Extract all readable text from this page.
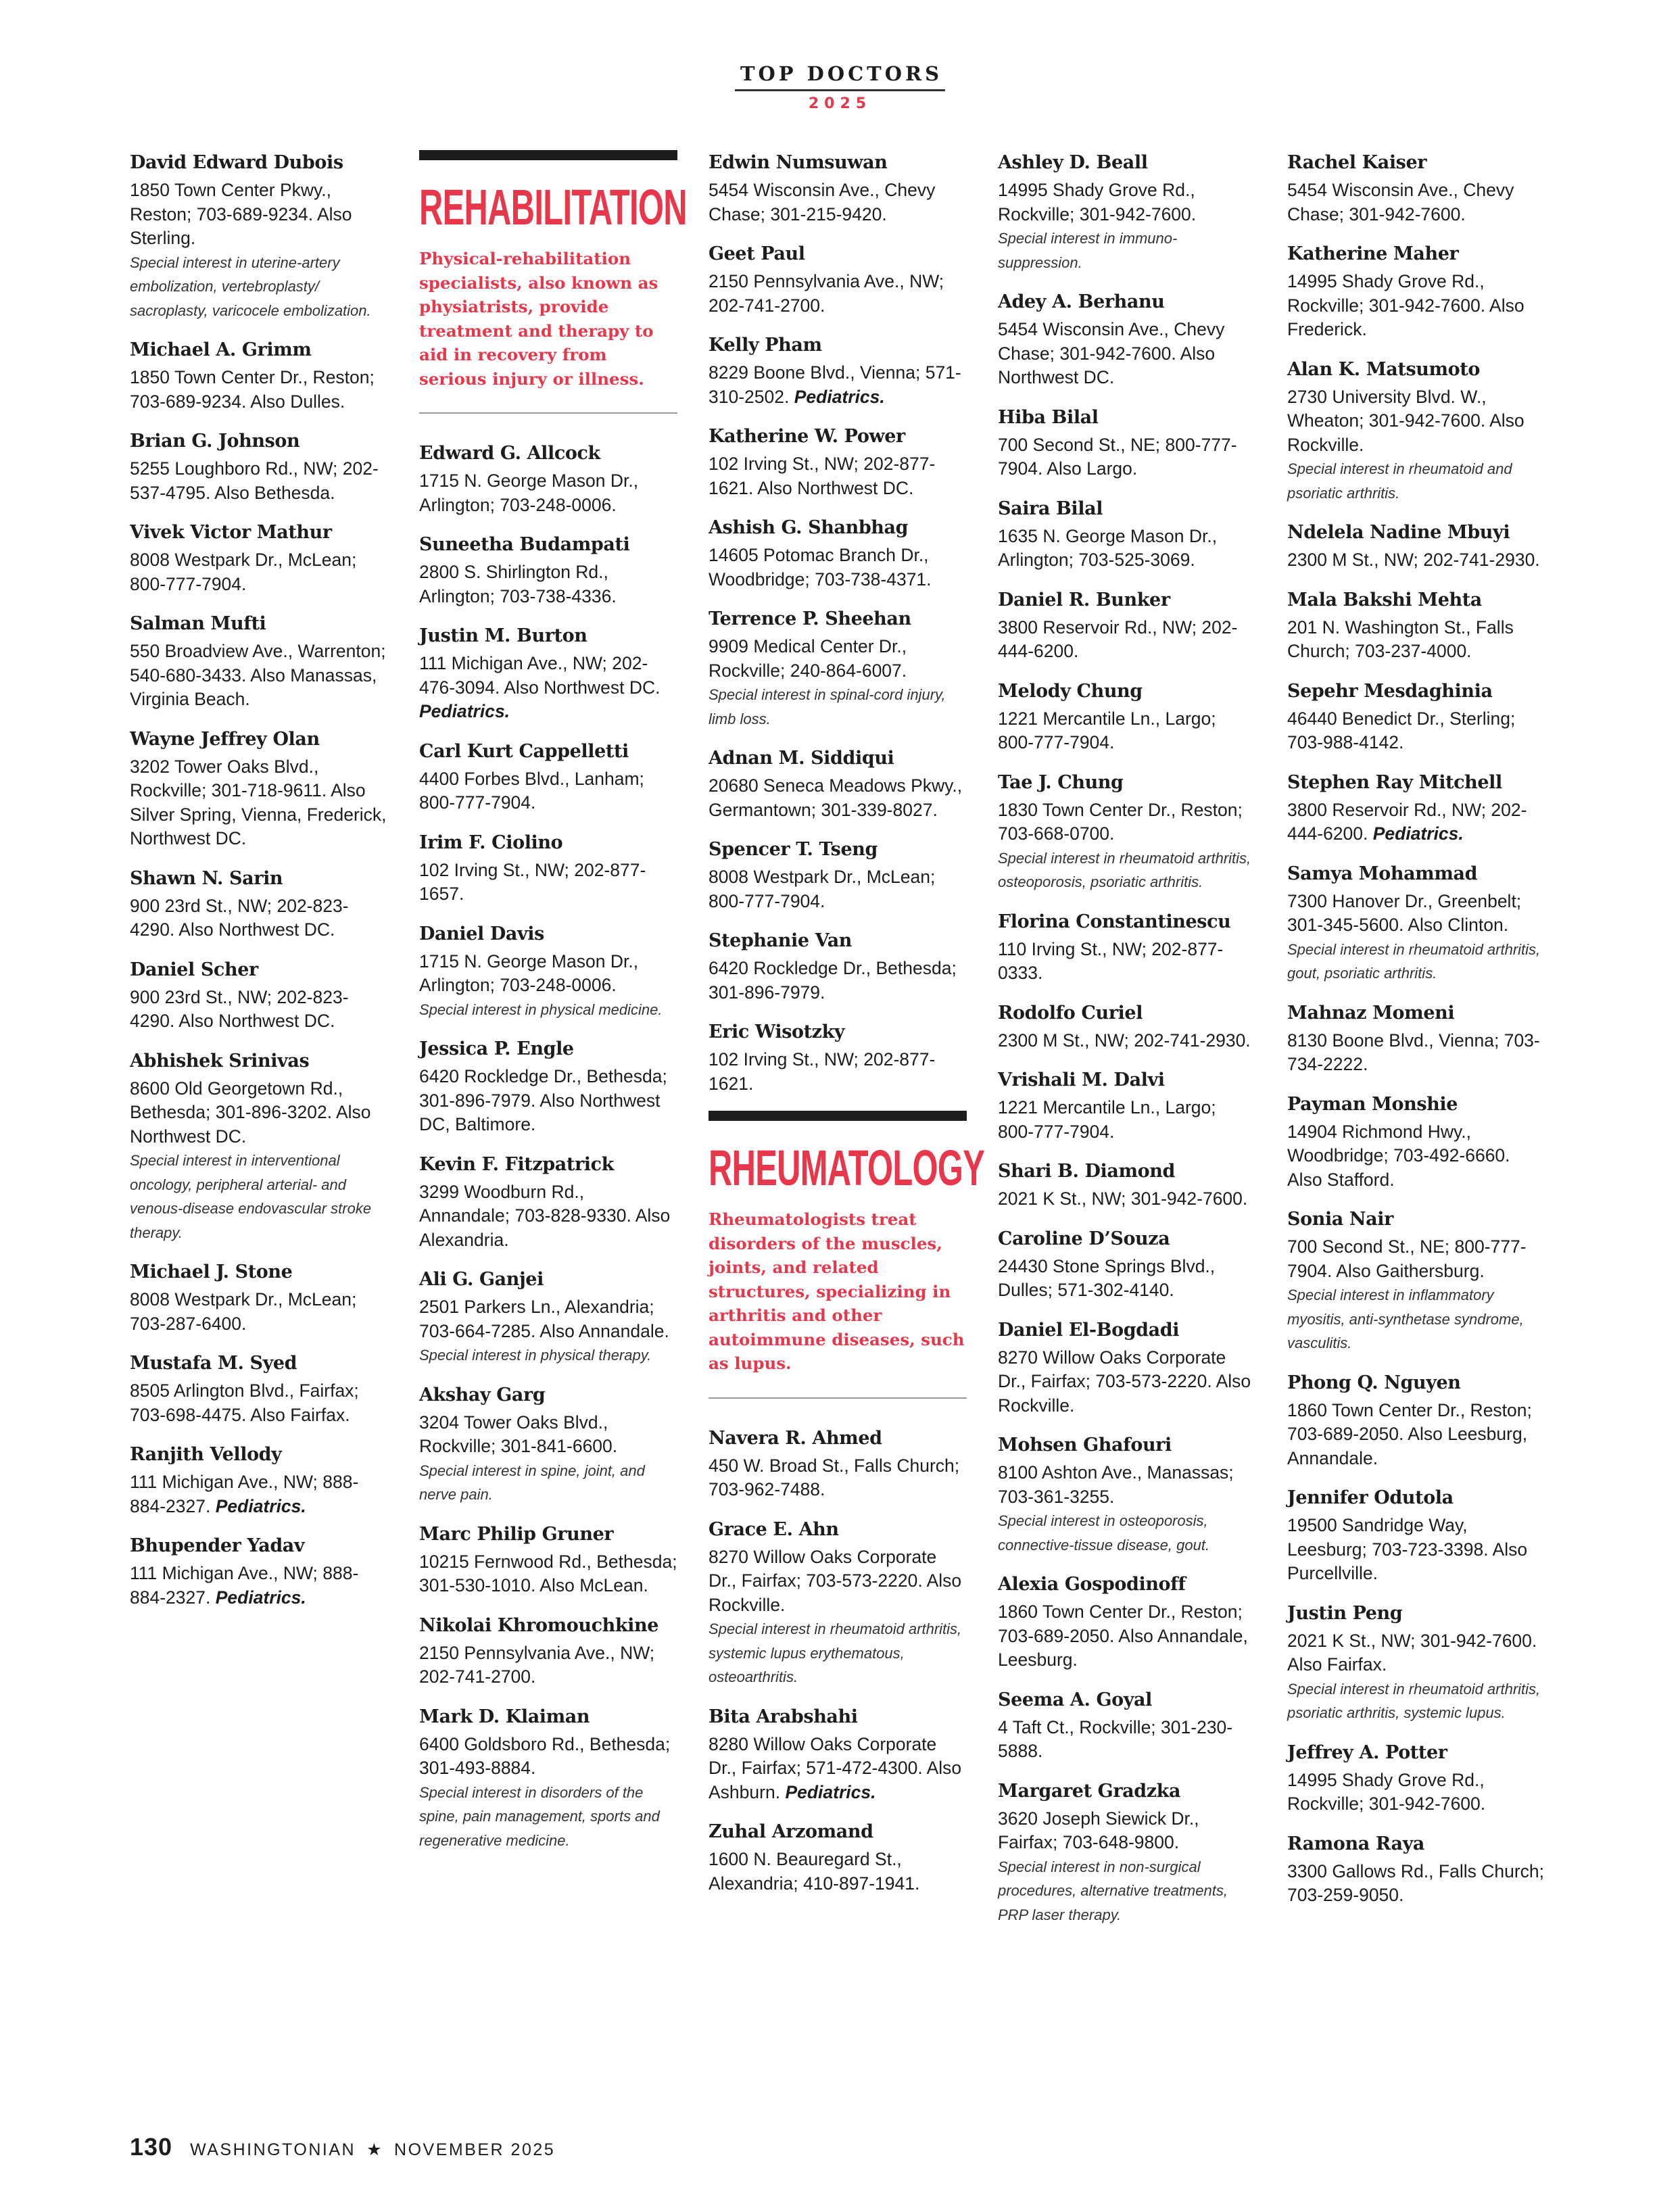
TOP DOCTORS
2025
David Edward Dubois
1850 Town Center Pkwy., Reston; 703-689-9234. Also Sterling.
Special interest in uterine-artery embolization, vertebroplasty/ sacroplasty, varicocele embolization.
Michael A. Grimm
1850 Town Center Dr., Reston; 703-689-9234. Also Dulles.
Brian G. Johnson
5255 Loughboro Rd., NW; 202-537-4795. Also Bethesda.
Vivek Victor Mathur
8008 Westpark Dr., McLean; 800-777-7904.
Salman Mufti
550 Broadview Ave., Warrenton; 540-680-3433. Also Manassas, Virginia Beach.
Wayne Jeffrey Olan
3202 Tower Oaks Blvd., Rockville; 301-718-9611. Also Silver Spring, Vienna, Frederick, Northwest DC.
Shawn N. Sarin
900 23rd St., NW; 202-823-4290. Also Northwest DC.
Daniel Scher
900 23rd St., NW; 202-823-4290. Also Northwest DC.
Abhishek Srinivas
8600 Old Georgetown Rd., Bethesda; 301-896-3202. Also Northwest DC.
Special interest in interventional oncology, peripheral arterial- and venous-disease endovascular stroke therapy.
Michael J. Stone
8008 Westpark Dr., McLean; 703-287-6400.
Mustafa M. Syed
8505 Arlington Blvd., Fairfax; 703-698-4475. Also Fairfax.
Ranjith Vellody
111 Michigan Ave., NW; 888-884-2327. Pediatrics.
Bhupender Yadav
111 Michigan Ave., NW; 888-884-2327. Pediatrics.
REHABILITATION
Physical-rehabilitation specialists, also known as physiatrists, provide treatment and therapy to aid in recovery from serious injury or illness.
Edward G. Allcock
1715 N. George Mason Dr., Arlington; 703-248-0006.
Suneetha Budampati
2800 S. Shirlington Rd., Arlington; 703-738-4336.
Justin M. Burton
111 Michigan Ave., NW; 202-476-3094. Also Northwest DC. Pediatrics.
Carl Kurt Cappelletti
4400 Forbes Blvd., Lanham; 800-777-7904.
Irim F. Ciolino
102 Irving St., NW; 202-877-1657.
Daniel Davis
1715 N. George Mason Dr., Arlington; 703-248-0006.
Special interest in physical medicine.
Jessica P. Engle
6420 Rockledge Dr., Bethesda; 301-896-7979. Also Northwest DC, Baltimore.
Kevin F. Fitzpatrick
3299 Woodburn Rd., Annandale; 703-828-9330. Also Alexandria.
Ali G. Ganjei
2501 Parkers Ln., Alexandria; 703-664-7285. Also Annandale.
Special interest in physical therapy.
Akshay Garg
3204 Tower Oaks Blvd., Rockville; 301-841-6600.
Special interest in spine, joint, and nerve pain.
Marc Philip Gruner
10215 Fernwood Rd., Bethesda; 301-530-1010. Also McLean.
Nikolai Khromouchkine
2150 Pennsylvania Ave., NW; 202-741-2700.
Mark D. Klaiman
6400 Goldsboro Rd., Bethesda; 301-493-8884.
Special interest in disorders of the spine, pain management, sports and regenerative medicine.
Edwin Numsuwan
5454 Wisconsin Ave., Chevy Chase; 301-215-9420.
Geet Paul
2150 Pennsylvania Ave., NW; 202-741-2700.
Kelly Pham
8229 Boone Blvd., Vienna; 571-310-2502. Pediatrics.
Katherine W. Power
102 Irving St., NW; 202-877-1621. Also Northwest DC.
Ashish G. Shanbhag
14605 Potomac Branch Dr., Woodbridge; 703-738-4371.
Terrence P. Sheehan
9909 Medical Center Dr., Rockville; 240-864-6007.
Special interest in spinal-cord injury, limb loss.
Adnan M. Siddiqui
20680 Seneca Meadows Pkwy., Germantown; 301-339-8027.
Spencer T. Tseng
8008 Westpark Dr., McLean; 800-777-7904.
Stephanie Van
6420 Rockledge Dr., Bethesda; 301-896-7979.
Eric Wisotzky
102 Irving St., NW; 202-877-1621.
RHEUMATOLOGY
Rheumatologists treat disorders of the muscles, joints, and related structures, specializing in arthritis and other autoimmune diseases, such as lupus.
Navera R. Ahmed
450 W. Broad St., Falls Church; 703-962-7488.
Grace E. Ahn
8270 Willow Oaks Corporate Dr., Fairfax; 703-573-2220. Also Rockville.
Special interest in rheumatoid arthritis, systemic lupus erythematous, osteoarthritis.
Bita Arabshahi
8280 Willow Oaks Corporate Dr., Fairfax; 571-472-4300. Also Ashburn. Pediatrics.
Zuhal Arzomand
1600 N. Beauregard St., Alexandria; 410-897-1941.
Ashley D. Beall
14995 Shady Grove Rd., Rockville; 301-942-7600.
Special interest in immuno-suppression.
Adey A. Berhanu
5454 Wisconsin Ave., Chevy Chase; 301-942-7600. Also Northwest DC.
Hiba Bilal
700 Second St., NE; 800-777-7904. Also Largo.
Saira Bilal
1635 N. George Mason Dr., Arlington; 703-525-3069.
Daniel R. Bunker
3800 Reservoir Rd., NW; 202-444-6200.
Melody Chung
1221 Mercantile Ln., Largo; 800-777-7904.
Tae J. Chung
1830 Town Center Dr., Reston; 703-668-0700.
Special interest in rheumatoid arthritis, osteoporosis, psoriatic arthritis.
Florina Constantinescu
110 Irving St., NW; 202-877-0333.
Rodolfo Curiel
2300 M St., NW; 202-741-2930.
Vrishali M. Dalvi
1221 Mercantile Ln., Largo; 800-777-7904.
Shari B. Diamond
2021 K St., NW; 301-942-7600.
Caroline D’Souza
24430 Stone Springs Blvd., Dulles; 571-302-4140.
Daniel El-Bogdadi
8270 Willow Oaks Corporate Dr., Fairfax; 703-573-2220. Also Rockville.
Mohsen Ghafouri
8100 Ashton Ave., Manassas; 703-361-3255.
Special interest in osteoporosis, connective-tissue disease, gout.
Alexia Gospodinoff
1860 Town Center Dr., Reston; 703-689-2050. Also Annandale, Leesburg.
Seema A. Goyal
4 Taft Ct., Rockville; 301-230-5888.
Margaret Gradzka
3620 Joseph Siewick Dr., Fairfax; 703-648-9800.
Special interest in non-surgical procedures, alternative treatments, PRP laser therapy.
Rachel Kaiser
5454 Wisconsin Ave., Chevy Chase; 301-942-7600.
Katherine Maher
14995 Shady Grove Rd., Rockville; 301-942-7600. Also Frederick.
Alan K. Matsumoto
2730 University Blvd. W., Wheaton; 301-942-7600. Also Rockville.
Special interest in rheumatoid and psoriatic arthritis.
Ndelela Nadine Mbuyi
2300 M St., NW; 202-741-2930.
Mala Bakshi Mehta
201 N. Washington St., Falls Church; 703-237-4000.
Sepehr Mesdaghinia
46440 Benedict Dr., Sterling; 703-988-4142.
Stephen Ray Mitchell
3800 Reservoir Rd., NW; 202-444-6200. Pediatrics.
Samya Mohammad
7300 Hanover Dr., Greenbelt; 301-345-5600. Also Clinton.
Special interest in rheumatoid arthritis, gout, psoriatic arthritis.
Mahnaz Momeni
8130 Boone Blvd., Vienna; 703-734-2222.
Payman Monshie
14904 Richmond Hwy., Woodbridge; 703-492-6660. Also Stafford.
Sonia Nair
700 Second St., NE; 800-777-7904. Also Gaithersburg.
Special interest in inflammatory myositis, anti-synthetase syndrome, vasculitis.
Phong Q. Nguyen
1860 Town Center Dr., Reston; 703-689-2050. Also Leesburg, Annandale.
Jennifer Odutola
19500 Sandridge Way, Leesburg; 703-723-3398. Also Purcellville.
Justin Peng
2021 K St., NW; 301-942-7600. Also Fairfax.
Special interest in rheumatoid arthritis, psoriatic arthritis, systemic lupus.
Jeffrey A. Potter
14995 Shady Grove Rd., Rockville; 301-942-7600.
Ramona Raya
3300 Gallows Rd., Falls Church; 703-259-9050.
130 WASHINGTONIAN ★ NOVEMBER 2025
